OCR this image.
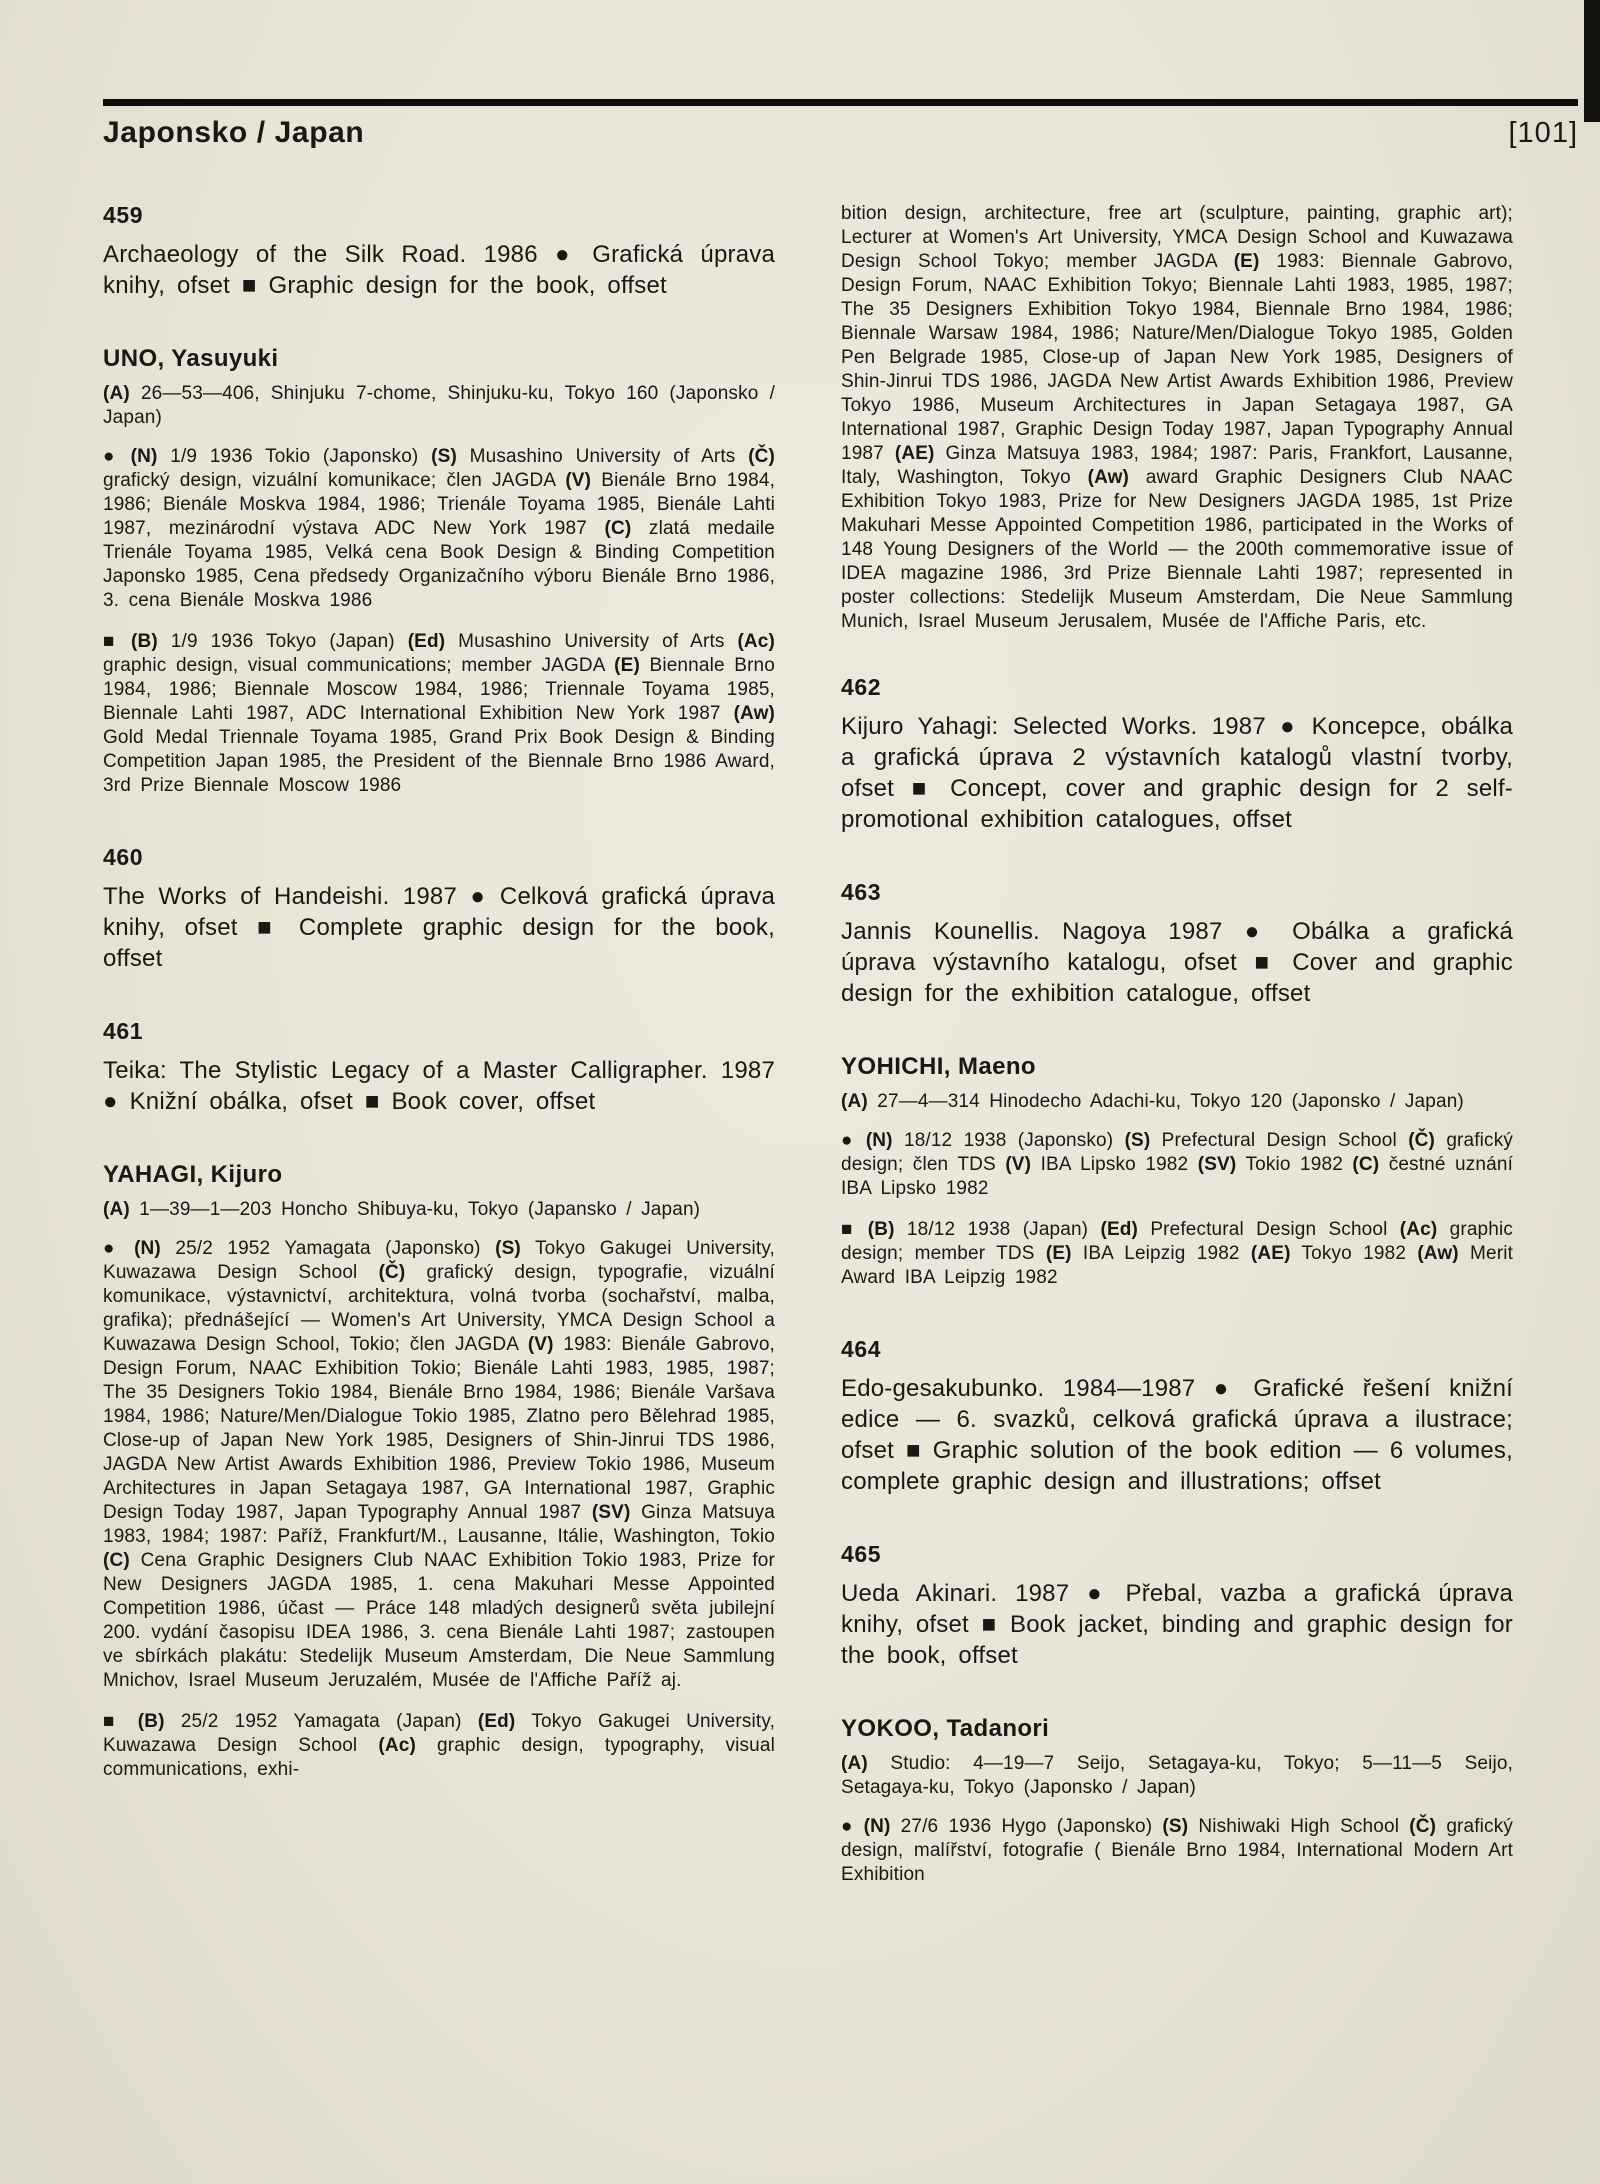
Japonsko / Japan	[101]
459

Archaeology of the Silk Road. 1986 ● Grafická úprava knihy, ofset ■ Graphic design for the book, offset

UNO, Yasuyuki

(A) 26—53—406, Shinjuku 7-chome, Shinjuku-ku, Tokyo 160 (Japonsko / Japan)

● (N) 1/9 1936 Tokio (Japonsko) (S) Musashino University of Arts (Č) grafický design, vizuální komunikace; člen JAGDA (V) Bienále Brno 1984, 1986; Bienále Moskva 1984, 1986; Trienále Toyama 1985, Bienále Lahti 1987, mezinárodní výstava ADC New York 1987 (C) zlatá medaile Trienále Toyama 1985, Velká cena Book Design & Binding Competition Japonsko 1985, Cena předsedy Organizačního výboru Bienále Brno 1986, 3. cena Bienále Moskva 1986

■ (B) 1/9 1936 Tokyo (Japan) (Ed) Musashino University of Arts (Ac) graphic design, visual communications; member JAGDA (E) Biennale Brno 1984, 1986; Biennale Moscow 1984, 1986; Triennale Toyama 1985, Biennale Lahti 1987, ADC International Exhibition New York 1987 (Aw) Gold Medal Triennale Toyama 1985, Grand Prix Book Design & Binding Competition Japan 1985, the President of the Biennale Brno 1986 Award, 3rd Prize Biennale Moscow 1986

460

The Works of Handeishi. 1987 ● Celková grafická úprava knihy, ofset ■ Complete graphic design for the book, offset

461

Teika: The Stylistic Legacy of a Master Calligrapher. 1987 ● Knižní obálka, ofset ■ Book cover, offset

YAHAGI, Kijuro

(A) 1—39—1—203 Honcho Shibuya-ku, Tokyo (Japansko / Japan)

● (N) 25/2 1952 Yamagata (Japonsko) (S) Tokyo Gakugei University, Kuwazawa Design School (Č) grafický design, typografie, vizuální komunikace, výstavnictví, architektura, volná tvorba (sochařství, malba, grafika); přednášející — Women's Art University, YMCA Design School a Kuwazawa Design School, Tokio; člen JAGDA (V) 1983: Bienále Gabrovo, Design Forum, NAAC Exhibition Tokio; Bienále Lahti 1983, 1985, 1987; The 35 Designers Tokio 1984, Bienále Brno 1984, 1986; Bienále Varšava 1984, 1986; Nature/Men/Dialogue Tokio 1985, Zlatno pero Bělehrad 1985, Close-up of Japan New York 1985, Designers of Shin-Jinrui TDS 1986, JAGDA New Artist Awards Exhibition 1986, Preview Tokio 1986, Museum Architectures in Japan Setagaya 1987, GA International 1987, Graphic Design Today 1987, Japan Typography Annual 1987 (SV) Ginza Matsuya 1983, 1984; 1987: Paříž, Frankfurt/M., Lausanne, Itálie, Washington, Tokio (C) Cena Graphic Designers Club NAAC Exhibition Tokio 1983, Prize for New Designers JAGDA 1985, 1. cena Makuhari Messe Appointed Competition 1986, účast — Práce 148 mladých designerů světa jubilejní 200. vydání časopisu IDEA 1986, 3. cena Bienále Lahti 1987; zastoupen ve sbírkách plakátu: Stedelijk Museum Amsterdam, Die Neue Sammlung Mnichov, Israel Museum Jeruzalém, Musée de l'Affiche Paříž aj.

■ (B) 25/2 1952 Yamagata (Japan) (Ed) Tokyo Gakugei University, Kuwazawa Design School (Ac) graphic design, typography, visual communications, exhi-

bition design, architecture, free art (sculpture, painting, graphic art); Lecturer at Women's Art University, YMCA Design School and Kuwazawa Design School Tokyo; member JAGDA (E) 1983: Biennale Gabrovo, Design Forum, NAAC Exhibition Tokyo; Biennale Lahti 1983, 1985, 1987; The 35 Designers Exhibition Tokyo 1984, Biennale Brno 1984, 1986; Biennale Warsaw 1984, 1986; Nature/Men/Dialogue Tokyo 1985, Golden Pen Belgrade 1985, Close-up of Japan New York 1985, Designers of Shin-Jinrui TDS 1986, JAGDA New Artist Awards Exhibition 1986, Preview Tokyo 1986, Museum Architectures in Japan Setagaya 1987, GA International 1987, Graphic Design Today 1987, Japan Typography Annual 1987 (AE) Ginza Matsuya 1983, 1984; 1987: Paris, Frankfort, Lausanne, Italy, Washington, Tokyo (Aw) award Graphic Designers Club NAAC Exhibition Tokyo 1983, Prize for New Designers JAGDA 1985, 1st Prize Makuhari Messe Appointed Competition 1986, participated in the Works of 148 Young Designers of the World — the 200th commemorative issue of IDEA magazine 1986, 3rd Prize Biennale Lahti 1987; represented in poster collections: Stedelijk Museum Amsterdam, Die Neue Sammlung Munich, Israel Museum Jerusalem, Musée de l'Affiche Paris, etc.

462

Kijuro Yahagi: Selected Works. 1987 ● Koncepce, obálka a grafická úprava 2 výstavních katalogů vlastní tvorby, ofset ■ Concept, cover and graphic design for 2 self-promotional exhibition catalogues, offset

463

Jannis Kounellis. Nagoya 1987 ● Obálka a grafická úprava výstavního katalogu, ofset ■ Cover and graphic design for the exhibition catalogue, offset

YOHICHI, Maeno

(A) 27—4—314 Hinodecho Adachi-ku, Tokyo 120 (Japonsko / Japan)

● (N) 18/12 1938 (Japonsko) (S) Prefectural Design School (Č) grafický design; člen TDS (V) IBA Lipsko 1982 (SV) Tokio 1982 (C) čestné uznání IBA Lipsko 1982

■ (B) 18/12 1938 (Japan) (Ed) Prefectural Design School (Ac) graphic design; member TDS (E) IBA Leipzig 1982 (AE) Tokyo 1982 (Aw) Merit Award IBA Leipzig 1982

464

Edo-gesakubunko. 1984—1987 ● Grafické řešení knižní edice — 6. svazků, celková grafická úprava a ilustrace; ofset ■ Graphic solution of the book edition — 6 volumes, complete graphic design and illustrations; offset

465

Ueda Akinari. 1987 ● Přebal, vazba a grafická úprava knihy, ofset ■ Book jacket, binding and graphic design for the book, offset

YOKOO, Tadanori

(A) Studio: 4—19—7 Seijo, Setagaya-ku, Tokyo; 5—11—5 Seijo, Setagaya-ku, Tokyo (Japonsko / Japan)

● (N) 27/6 1936 Hygo (Japonsko) (S) Nishiwaki High School (Č) grafický design, malířství, fotografie ( Bienále Brno 1984, International Modern Art Exhibition
